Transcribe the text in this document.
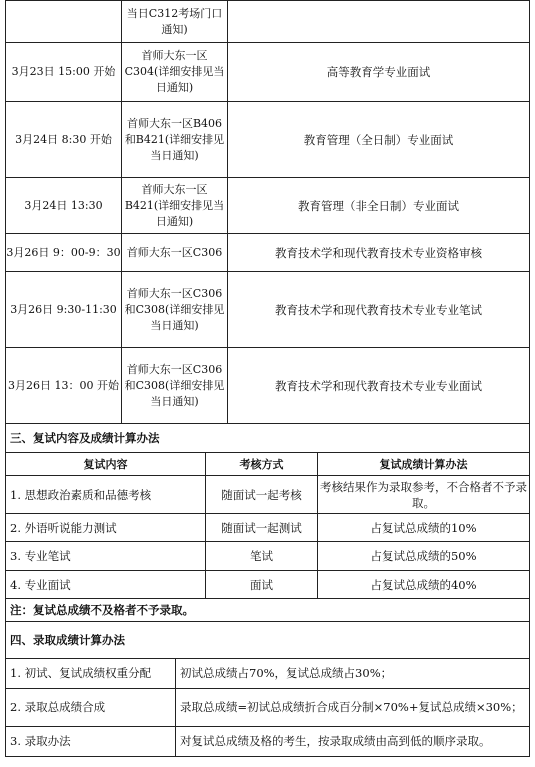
	当日C312考场门口通知)	
3月23日 15:00 开始	首师大东一区C304(详细安排见当日通知)	高等教育学专业面试
3月24日 8:30 开始	首师大东一区B406和B421(详细安排见当日通知)	教育管理（全日制）专业面试
3月24日 13:30	首师大东一区B421(详细安排见当日通知)	教育管理（非全日制）专业面试
3月26日 9：00-9：30	首师大东一区C306	教育技术学和现代教育技术专业资格审核
3月26日 9:30-11:30	首师大东一区C306和C308(详细安排见当日通知)	教育技术学和现代教育技术专业专业笔试
3月26日 13：00 开始	首师大东一区C306和C308(详细安排见当日通知)	教育技术学和现代教育技术专业专业面试
三、复试内容及成绩计算办法		
复试内容	考核方式	复试成绩计算办法
1. 思想政治素质和品德考核	随面试一起考核	考核结果作为录取参考，不合格者不予录取。
2. 外语听说能力测试	随面试一起测试	占复试总成绩的10%
3. 专业笔试	笔试	占复试总成绩的50%
4. 专业面试	面试	占复试总成绩的40%
注：复试总成绩不及格者不予录取。		
四、录取成绩计算办法	
1. 初试、复试成绩权重分配	初试总成绩占70%，复试总成绩占30%；
2. 录取总成绩合成	录取总成绩=初试总成绩折合成百分制×70%+复试总成绩×30%；
3. 录取办法	对复试总成绩及格的考生，按录取成绩由高到低的顺序录取。
